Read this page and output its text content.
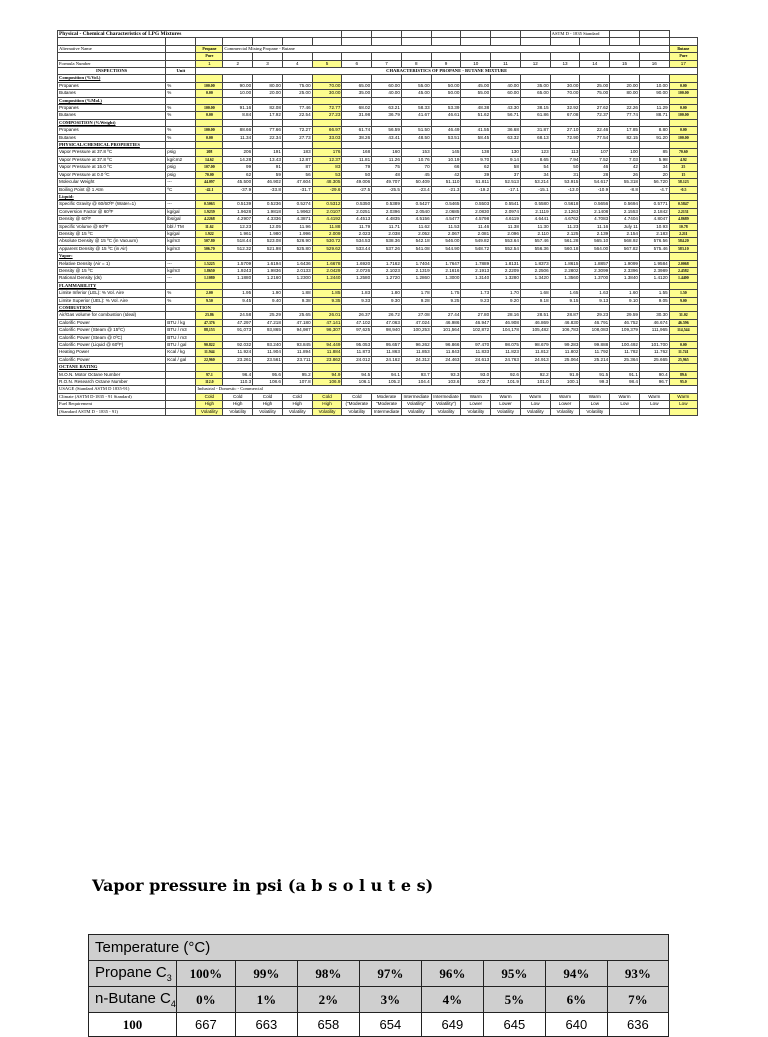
Physical - Chemical Characteristics of LPG Mixtures														ASTM D - 1835 Standard				

Alternative Name		Propane	Commercial Mixing Propane - Butane															Butane
		Pure																Pure
Formula Number		1	2	3	4	5	6	7	8	9	10	11	12	13	14	15	16	17
INSPECTIONS	Unit	CHARACTERISTICS OF PROPANE - BUTANE MIXTURE																
Composition (%Vol.)																		
Propanes	%	100.00	90.00	80.00	75.00	70.00	65.00	60.00	55.00	50.00	45.00	40.00	35.00	30.00	25.00	20.00	10.00	0.00
Butanes	%	0.00	10.00	20.00	25.00	30.00	35.00	40.00	45.00	50.00	55.00	60.00	65.00	70.00	75.00	80.00	90.00	100.00
Composition (%Mol.)																		
Propanes	%	100.00	91.16	82.08	77.46	72.77	68.02	63.21	58.33	53.39	48.38	43.30	38.15	32.92	27.62	22.26	11.29	0.00
Butanes	%	0.00	8.84	17.92	22.54	27.23	31.98	36.79	41.67	46.61	51.62	56.71	61.86	67.08	72.37	77.74	88.71	100.00
COMPOSITION (%Weight)																		
Propanes	%	100.00	88.66	77.66	72.27	66.97	61.74	56.59	51.50	46.49	41.55	36.68	31.87	27.10	22.46	17.85	8.80	0.00
Butanes	%	0.00	11.34	22.34	27.73	33.03	38.26	43.41	48.50	53.51	58.45	63.32	68.13	72.90	77.54	82.15	91.20	100.00
PHYSICAL/CHEMICAL PROPERTIES																		
Vapor Pressure at 37.8 ºC	psig	208	206	191	183	176	168	160	153	145	138	130	123	113	107	100	85	70.60
Vapor Pressure at 37.8 ºC	kg/cm2	14.62	14.28	13.43	12.87	12.37	11.81	11.26	10.76	10.19	9.70	9.14	8.65	7.94	7.52	7.03	5.98	4.92
Vapor Pressure at 15.0 ºC	psig	107.00	99	91	87	83	79	75	70	66	62	58	54	50	46	42	34	25
Vapor Pressure at 0.0 ºC	psig	70.00	62	59	56	53	50	48	45	42	39	37	34	31	28	26	20	15
Molecular Weight	---	44.097	45.500	46.902	47.604	48.305	49.006	49.707	50.409	51.110	51.811	52.513	53.214	53.915	54.617	55.318	56.720	58.123
Boiling Point @ 1 Atm	ºC	-42.1	-37.9	-33.8	-31.7	-29.6	-27.5	-25.5	-23.4	-21.3	-19.2	-17.1	-15.1	-13.0	-10.9	-8.8	-4.7	-0.5
Liquid:																		
Specific Gravity @ 60/60ºF (Water=1)	---	0.5063	0.5139	0.5236	0.5274	0.5312	0.5350	0.5389	0.5427	0.5465	0.5503	0.5541	0.5580	0.5618	0.5656	0.5694	0.5771	0.5847
Conversion Factor @ 60ºF	kg/gal	1.9239	1.9628	1.9818	1.9962	2.0107	2.0251	2.0396	2.0540	2.0685	2.0830	2.0974	2.1119	2.1263	2.1408	2.1553	2.1842	2.2131
Density @ 60ºF	lbs/gal	4.2268	4.2907	4.3336	4.3871	4.4192	4.4513	4.4835	4.5156	4.5477	4.5798	4.6119	4.6441	4.6762	4.7083	4.7404	4.8047	4.8689
Specific Volume @ 60ºF	bbl / TM	11.62	12.23	12.05	11.96	11.88	11.79	11.71	11.62	11.53	11.46	11.38	11.30	11.23	11.16	July 11	10.93	10.78
Density @ 15 ºC	kg/gal	1.922	1.961	1.980	1.996	2.009	2.023	2.038	2.052	2.067	2.081	2.096	2.110	2.125	2.139	2.154	2.183	2.211
Absolute Density @ 15 ºC (in Vacuum)	kg/m3	507.80	518.44	523.08	526.90	530.72	534.53	538.36	542.18	546.00	549.82	553.64	557.46	561.28	565.10	568.92	576.56	584.20
Apparent Density @ 15 ºC (in Air)	kg/m3	506.70	512.32	521.98	525.80	529.62	533.44	537.26	541.08	544.90	548.72	552.54	556.36	560.18	564.00	567.82	575.46	583.10
Vapor:																		
Relative Density (Air = 1)	---	1.5225	1.5709	1.6194	1.6436	1.6678	1.6920	1.7162	1.7404	1.7647	1.7889	1.8131	1.8373	1.8615	1.8857	1.9099	1.9584	2.0068
Density @ 15 ºC	kg/m3	1.8650	1.9243	1.9836	2.0133	2.0429	2.0726	2.1023	2.1319	2.1616	2.1913	2.2209	2.2506	2.2802	2.3099	2.3396	2.3989	2.4582
Rational Density (ds)	---	1.1080	1.1880	1.2160	1.2300	1.2440	1.2580	1.2720	1.2860	1.3000	1.3140	1.3280	1.3420	1.3560	1.3700	1.3840	1.4120	1.4400
FLAMMABILITY																		
Limite Inferior (LEL): % Vol. Aire	%	2.00	1.95	1.90	1.88	1.85	1.83	1.80	1.78	1.75	1.73	1.70	1.68	1.65	1.63	1.60	1.55	1.50
Limite Superior (UEL): % Vol. Aire	%	9.50	9.45	9.40	9.38	9.35	9.33	9.30	9.28	9.25	9.23	9.20	9.18	9.15	9.13	9.10	9.05	9.00
COMBUSTION																		
Air/Gas volume for combustion (Ideal)		23.86	24.58	25.29	25.65	26.01	26.37	26.72	27.08	27.44	27.80	28.16	28.51	28.87	29.23	29.59	30.30	31.02
Calorific Power	BTU / kg	47.376	47.297	47.218	47.180	47.141	47.102	47.063	47.024	46.986	46.947	46.908	46.869	46.830	46.791	46.752	46.674	46.596
Calorific Power (Steam @ 15ºC)	BTU / m3	88,153	91,073	93,865	94,987	96,307	97,625	98,940	100,253	101,564	102,872	104,178	105,482	106,783	108,083	109,379	111,965	114,544
Calorific Power (Steam @ 0ºC)	BTU / m3																	
Calorific Power (Liquid @ 60ºF)	BTU / gal	90.822	92.032	93.240	93.845	94.449	95.053	95.657	96.262	96.866	97.470	98.075	98.679	99.283	99.888	100.492	101.700	0.00
Heating Power	Kcal / kg	11.944	11.924	11.904	11.894	11.884	11.873	11.863	11.853	11.843	11.833	11.823	11.812	11.802	11.792	11.782	11.762	11.741
Calorific Power	Kcal / gal	22,960	23.261	23.561	23.711	23.862	24.012	24.162	24.312	24.463	24.613	24.763	24.913	25.064	25.214	25.364	25.665	25,965
OCTANE RATING																		
M.O.N. Motor Octane Number		97.1	96.4	95.6	95.2	94.9	94.5	94.1	93.7	93.3	93.0	92.6	92.2	91.9	91.5	91.1	90.4	89.6
R.O.N. Research Octane Number		112.0	110.3	108.6	107.8	106.9	106.1	105.2	104.4	103.6	102.7	101.9	101.0	100.1	99.3	98.4	96.7	95.0
USAGE (Standard ASTM D 1835-91)		Industrial - Domestic - Commercial																
Climate (ASTM D-1835 - 91 Standard)		Cold	Cold	Cold	Cold	Cold	Cold	Moderate	Intermediate	Intermediate	Warm	Warm	Warm	Warm	Warm	Warm	Warm	Warm
Fuel Requirement		High	High	High	High	High	("Moderate	"Moderate	Volatility"	Volatility")	Lower	Lower	Low	Lower	Low	Low	Low	Low
(Standard ASTM D - 1835 - 91)		Volatility	Volatility	Volatility	Volatility	Volatility	Volatility	Intermediate	Volatility	Volatility	Volatility	Volatility	Volatility	Volatility	Volatility			
Vapor pressure in psi (a b s o l u t e s)
Temperature (°C)								
Propane $C_3$	100%	99%	98%	97%	96%	95%	94%	93%
n-Butane $C_4$	0%	1%	2%	3%	4%	5%	6%	7%
100	667	663	658	654	649	645	640	636
